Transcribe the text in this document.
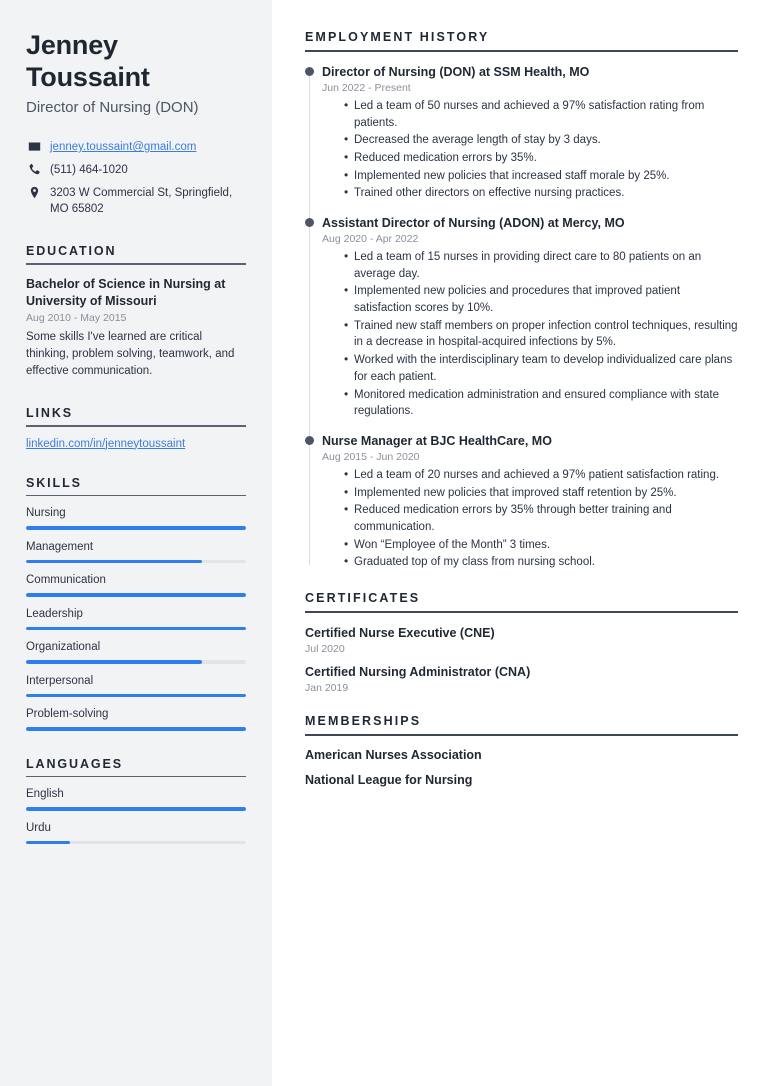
Jenney Toussaint
Director of Nursing (DON)
jenney.toussaint@gmail.com
(511) 464-1020
3203 W Commercial St, Springfield, MO 65802
EDUCATION
Bachelor of Science in Nursing at University of Missouri
Aug 2010 - May 2015
Some skills I've learned are critical thinking, problem solving, teamwork, and effective communication.
LINKS
linkedin.com/in/jenneytoussaint
SKILLS
Nursing
Management
Communication
Leadership
Organizational
Interpersonal
Problem-solving
LANGUAGES
English
Urdu
EMPLOYMENT HISTORY
Director of Nursing (DON) at SSM Health, MO
Jun 2022 - Present
• Led a team of 50 nurses and achieved a 97% satisfaction rating from patients.
• Decreased the average length of stay by 3 days.
• Reduced medication errors by 35%.
• Implemented new policies that increased staff morale by 25%.
• Trained other directors on effective nursing practices.
Assistant Director of Nursing (ADON) at Mercy, MO
Aug 2020 - Apr 2022
• Led a team of 15 nurses in providing direct care to 80 patients on an average day.
• Implemented new policies and procedures that improved patient satisfaction scores by 10%.
• Trained new staff members on proper infection control techniques, resulting in a decrease in hospital-acquired infections by 5%.
• Worked with the interdisciplinary team to develop individualized care plans for each patient.
• Monitored medication administration and ensured compliance with state regulations.
Nurse Manager at BJC HealthCare, MO
Aug 2015 - Jun 2020
• Led a team of 20 nurses and achieved a 97% patient satisfaction rating.
• Implemented new policies that improved staff retention by 25%.
• Reduced medication errors by 35% through better training and communication.
• Won “Employee of the Month” 3 times.
• Graduated top of my class from nursing school.
CERTIFICATES
Certified Nurse Executive (CNE)
Jul 2020
Certified Nursing Administrator (CNA)
Jan 2019
MEMBERSHIPS
American Nurses Association
National League for Nursing
